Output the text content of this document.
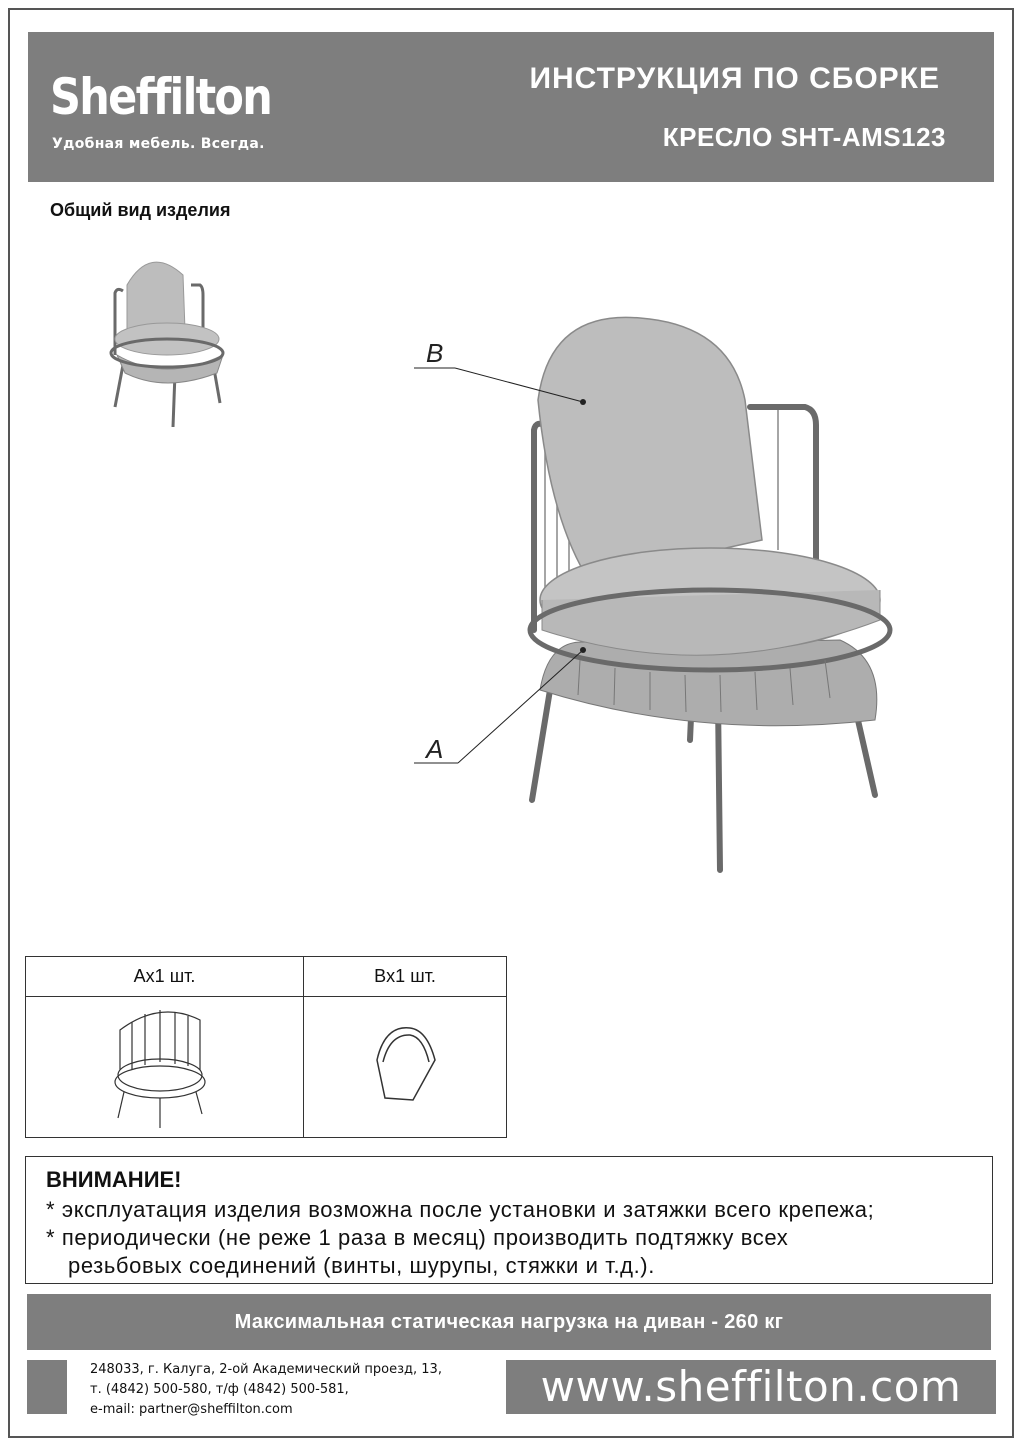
Sheffilton
Удобная мебель. Всегда.
ИНСТРУКЦИЯ ПО СБОРКЕ
КРЕСЛО SHT-AMS123
Общий вид изделия
B
A
Ax1 шт.	Bx1 шт.

ВНИМАНИЕ!
* эксплуатация изделия возможна после установки и затяжки всего крепежа;
* периодически (не реже 1 раза в месяц) производить подтяжку всех
резьбовых соединений (винты, шурупы, стяжки и т.д.).
Максимальная статическая нагрузка на диван - 260 кг
248033, г. Калуга, 2-ой Академический проезд, 13,
т. (4842) 500-580, т/ф (4842) 500-581,
e-mail: partner@sheffilton.com	www.sheffilton.com
